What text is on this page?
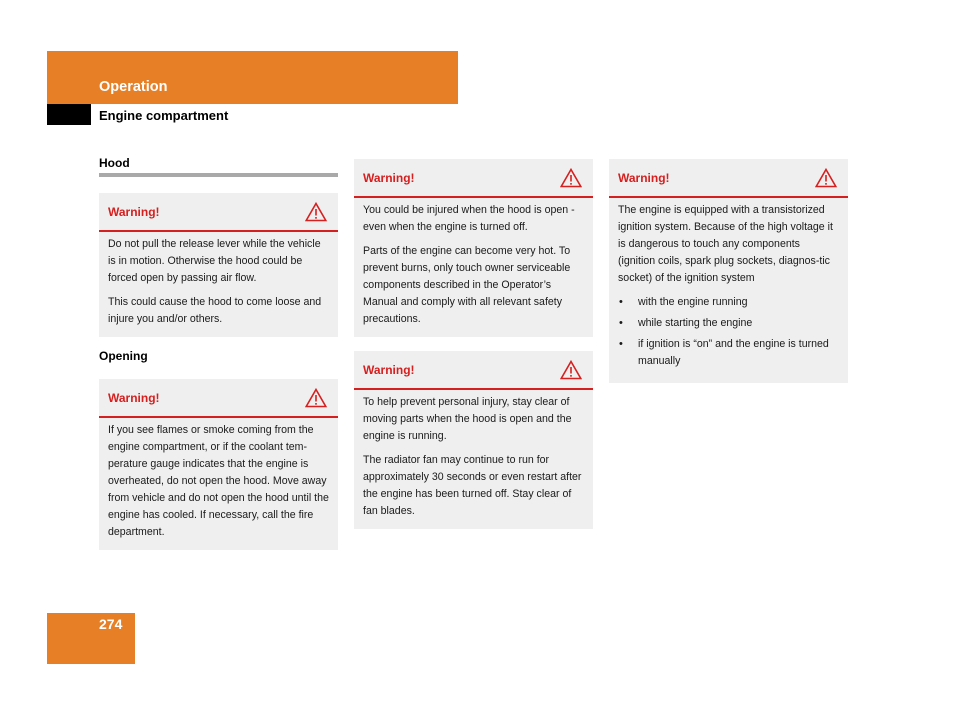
Operation
Engine compartment
Hood
Warning!

Do not pull the release lever while the vehicle is in motion. Otherwise the hood could be forced open by passing air flow.

This could cause the hood to come loose and injure you and/or others.

Opening
Warning!

If you see flames or smoke coming from the engine compartment, or if the coolant tem-perature gauge indicates that the engine is overheated, do not open the hood. Move away from vehicle and do not open the hood until the engine has cooled. If necessary, call the fire department.

Warning!

You could be injured when the hood is open - even when the engine is turned off.

Parts of the engine can become very hot. To prevent burns, only touch owner serviceable components described in the Operator’s Manual and comply with all relevant safety precautions.

Warning!

To help prevent personal injury, stay clear of moving parts when the hood is open and the engine is running.

The radiator fan may continue to run for approximately 30 seconds or even restart after the engine has been turned off. Stay clear of fan blades.

Warning!

The engine is equipped with a transistorized ignition system. Because of the high voltage it is dangerous to touch any components (ignition coils, spark plug sockets, diagnos-tic socket) of the ignition system

• with the engine running
• while starting the engine
• if ignition is “on” and the engine is turned manually
274
